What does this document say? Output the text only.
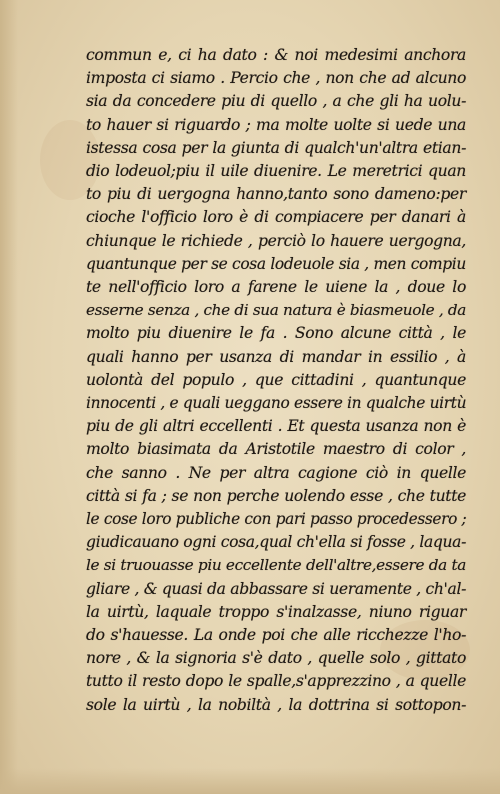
commun e, ci ha dato : & noi medesimi anchora
imposta ci siamo . Percio che , non che ad alcuno
sia da concedere piu di quello , a che gli ha uolu-
to hauer si riguardo ; ma molte uolte si uede una
istessa cosa per la giunta di qualch'un'altra etian-
dio lodeuol;piu il uile diuenire. Le meretrici quan
to piu di uergogna hanno,tanto sono dameno:per
cioche l'officio loro è di compiacere per danari à
chiunque le richiede , perciò lo hauere uergogna,
quantunque per se cosa lodeuole sia , men compiu
te nell'officio loro a farene le uiene la , doue lo
esserne senza , che di sua natura è biasmeuole , da
molto piu diuenire le fa . Sono alcune città , le
quali hanno per usanza di mandar in essilio , à
uolontà del populo , que cittadini , quantunque
innocenti , e quali ueggano essere in qualche uirtù
piu de gli altri eccellenti . Et questa usanza non è
molto biasimata da Aristotile maestro di color ,
che sanno . Ne per altra cagione ciò in quelle
città si fa ; se non perche uolendo esse , che tutte
le cose loro publiche con pari passo procedessero ;
giudicauano ogni cosa,qual ch'ella si fosse , laqua-
le si truouasse piu eccellente dell'altre,essere da ta
gliare , & quasi da abbassare si ueramente , ch'al-
la uirtù, laquale troppo s'inalzasse, niuno riguar
do s'hauesse. La onde poi che alle ricchezze l'ho-
nore , & la signoria s'è dato , quelle solo , gittato
tutto il resto dopo le spalle,s'apprezzino , a quelle
sole la uirtù , la nobiltà , la dottrina si sottopon-
